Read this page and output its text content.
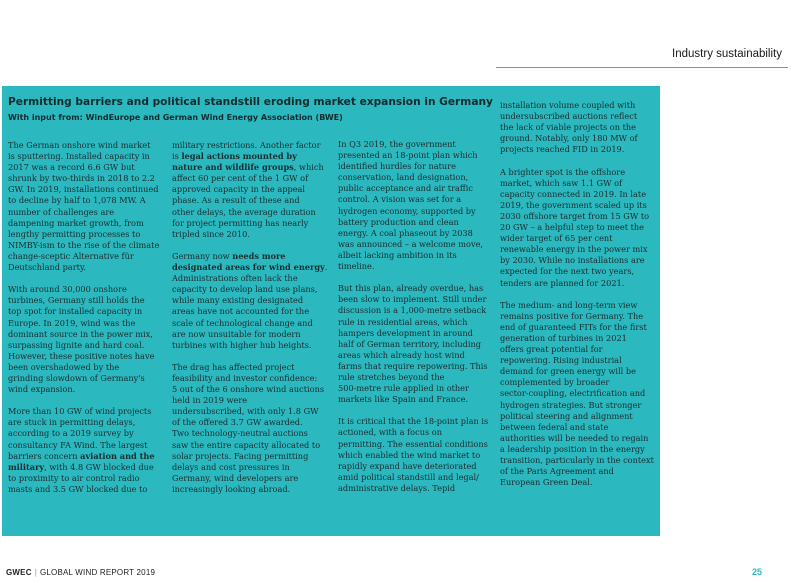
Industry sustainability
Permitting barriers and political standstill eroding market expansion in Germany
With input from: WindEurope and German Wind Energy Association (BWE)

The German onshore wind market
is sputtering. Installed capacity in
2017 was a record 6.6 GW but
shrunk by two-thirds in 2018 to 2.2
GW. In 2019, installations continued
to decline by half to 1,078 MW. A
number of challenges are
dampening market growth, from
lengthy permitting processes to
NIMBY-ism to the rise of the climate
change-sceptic Alternative für
Deutschland party.

With around 30,000 onshore
turbines, Germany still holds the
top spot for installed capacity in
Europe. In 2019, wind was the
dominant source in the power mix,
surpassing lignite and hard coal.
However, these positive notes have
been overshadowed by the
grinding slowdown of Germany's
wind expansion.

More than 10 GW of wind projects
are stuck in permitting delays,
according to a 2019 survey by
consultancy FA Wind. The largest
barriers concern aviation and the
military, with 4.8 GW blocked due
to proximity to air control radio
masts and 3.5 GW blocked due to

military restrictions. Another factor
is legal actions mounted by
nature and wildlife groups, which
affect 60 per cent of the 1 GW of
approved capacity in the appeal
phase. As a result of these and
other delays, the average duration
for project permitting has nearly
tripled since 2010.

Germany now needs more
designated areas for wind energy.
Administrations often lack the
capacity to develop land use plans,
while many existing designated
areas have not accounted for the
scale of technological change and
are now unsuitable for modern
turbines with higher hub heights.

The drag has affected project
feasibility and investor confidence:
5 out of the 6 onshore wind auctions
held in 2019 were
undersubscribed, with only 1.8 GW
of the offered 3.7 GW awarded.
Two technology-neutral auctions
saw the entire capacity allocated to
solar projects. Facing permitting
delays and cost pressures in
Germany, wind developers are
increasingly looking abroad.

In Q3 2019, the government
presented an 18-point plan which
identified hurdles for nature
conservation, land designation,
public acceptance and air traffic
control. A vision was set for a
hydrogen economy, supported by
battery production and clean
energy. A coal phaseout by 2038
was announced – a welcome move,
albeit lacking ambition in its
timeline.

But this plan, already overdue, has
been slow to implement. Still under
discussion is a 1,000-metre setback
rule in residential areas, which
hampers development in around
half of German territory, including
areas which already host wind
farms that require repowering. This
rule stretches beyond the
500-metre rule applied in other
markets like Spain and France.

It is critical that the 18-point plan is
actioned, with a focus on
permitting. The essential conditions
which enabled the wind market to
rapidly expand have deteriorated
amid political standstill and legal/
administrative delays. Tepid

installation volume coupled with
undersubscribed auctions reflect
the lack of viable projects on the
ground. Notably, only 180 MW of
projects reached FID in 2019.

A brighter spot is the offshore
market, which saw 1.1 GW of
capacity connected in 2019. In late
2019, the government scaled up its
2030 offshore target from 15 GW to
20 GW – a helpful step to meet the
wider target of 65 per cent
renewable energy in the power mix
by 2030. While no installations are
expected for the next two years,
tenders are planned for 2021.

The medium- and long-term view
remains positive for Germany. The
end of guaranteed FITs for the first
generation of turbines in 2021
offers great potential for
repowering. Rising industrial
demand for green energy will be
complemented by broader
sector-coupling, electrification and
hydrogen strategies. But stronger
political steering and alignment
between federal and state
authorities will be needed to regain
a leadership position in the energy
transition, particularly in the context
of the Paris Agreement and
European Green Deal.

GWEC | GLOBAL WIND REPORT 2019	25
